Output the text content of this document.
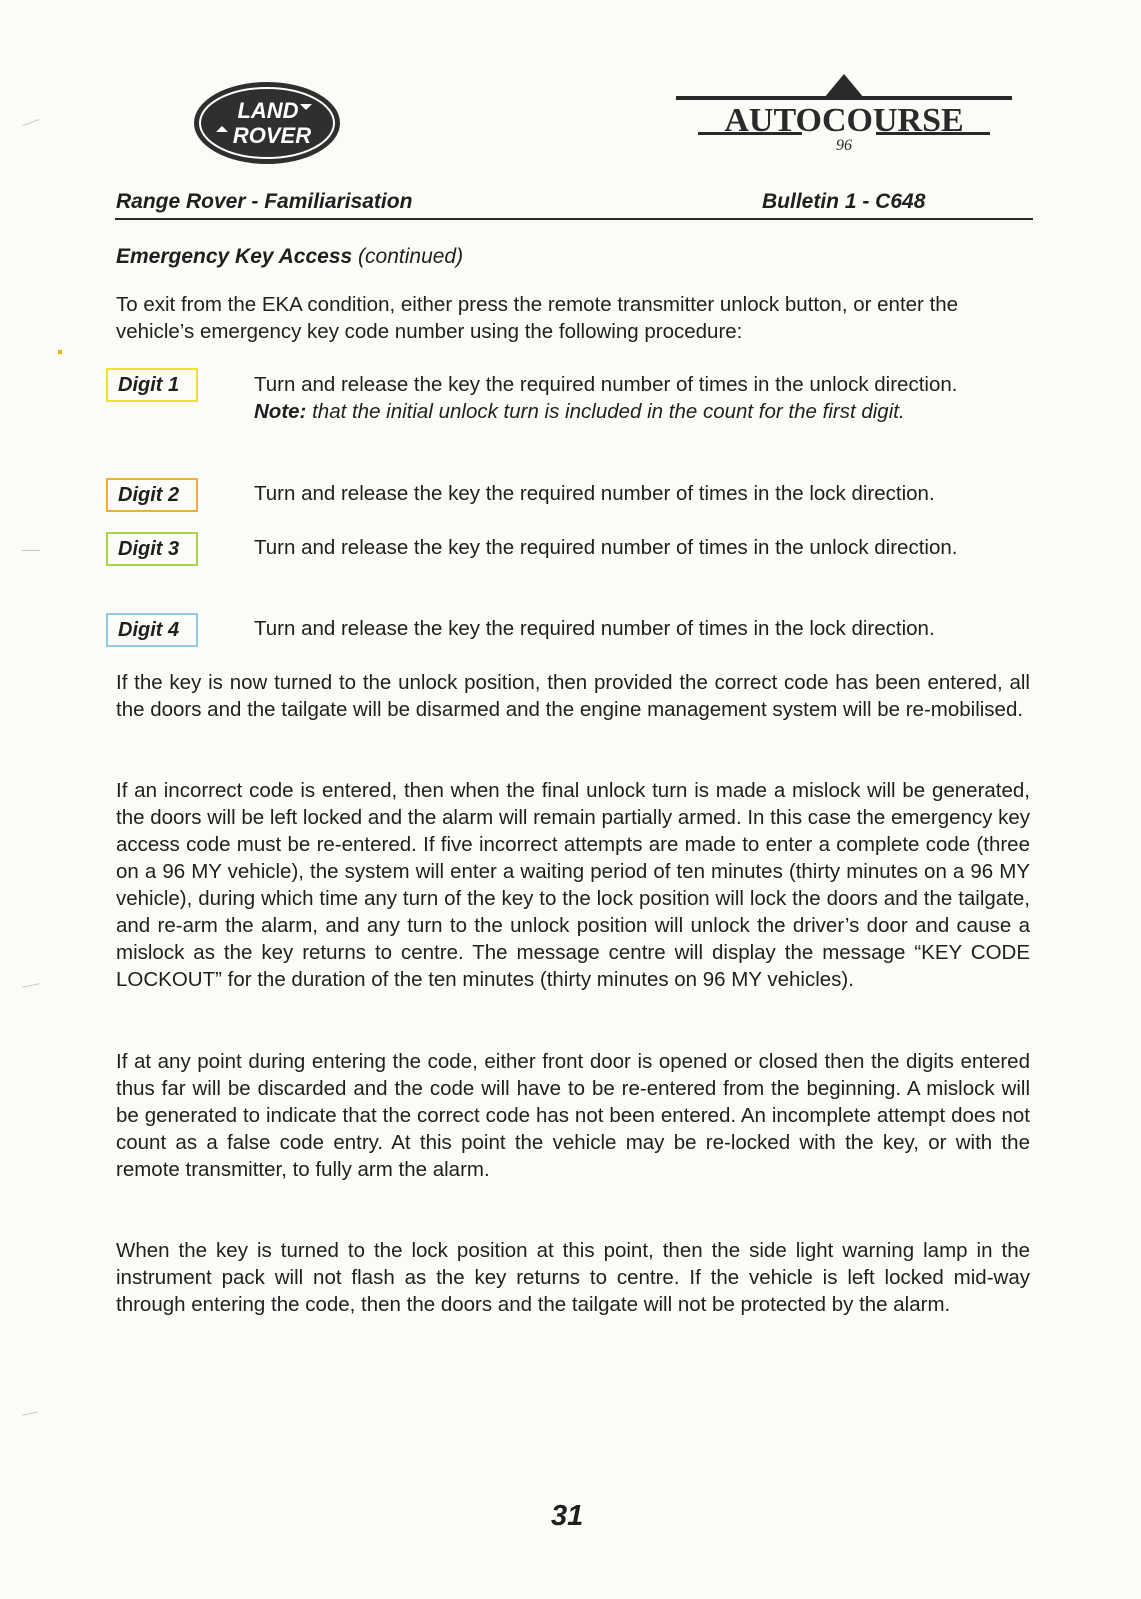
LAND
ROVER	AUTOCOURSE
96
Range Rover - Familiarisation	Bulletin 1 - C648
Emergency Key Access (continued)
To exit from the EKA condition, either press the remote transmitter unlock button, or enter the vehicle’s emergency key code number using the following procedure:
Digit 1	Turn and release the key the required number of times in the unlock direction.
Note: that the initial unlock turn is included in the count for the first digit.
Digit 2	Turn and release the key the required number of times in the lock direction.
Digit 3	Turn and release the key the required number of times in the unlock direction.
Digit 4	Turn and release the key the required number of times in the lock direction.
If the key is now turned to the unlock position, then provided the correct code has been entered, all the doors and the tailgate will be disarmed and the engine management system will be re-mobilised.
If an incorrect code is entered, then when the final unlock turn is made a mislock will be generated, the doors will be left locked and the alarm will remain partially armed. In this case the emergency key access code must be re-entered. If five incorrect attempts are made to enter a complete code (three on a 96 MY vehicle), the system will enter a waiting period of ten minutes (thirty minutes on a 96 MY vehicle), during which time any turn of the key to the lock position will lock the doors and the tailgate, and re-arm the alarm, and any turn to the unlock position will unlock the driver’s door and cause a mislock as the key returns to centre. The message centre will display the message “KEY CODE LOCKOUT” for the duration of the ten minutes (thirty minutes on 96 MY vehicles).
If at any point during entering the code, either front door is opened or closed then the digits entered thus far will be discarded and the code will have to be re-entered from the beginning. A mislock will be generated to indicate that the correct code has not been entered. An incomplete attempt does not count as a false code entry. At this point the vehicle may be re-locked with the key, or with the remote transmitter, to fully arm the alarm.
When the key is turned to the lock position at this point, then the side light warning lamp in the instrument pack will not flash as the key returns to centre. If the vehicle is left locked mid-way through entering the code, then the doors and the tailgate will not be protected by the alarm.
31
